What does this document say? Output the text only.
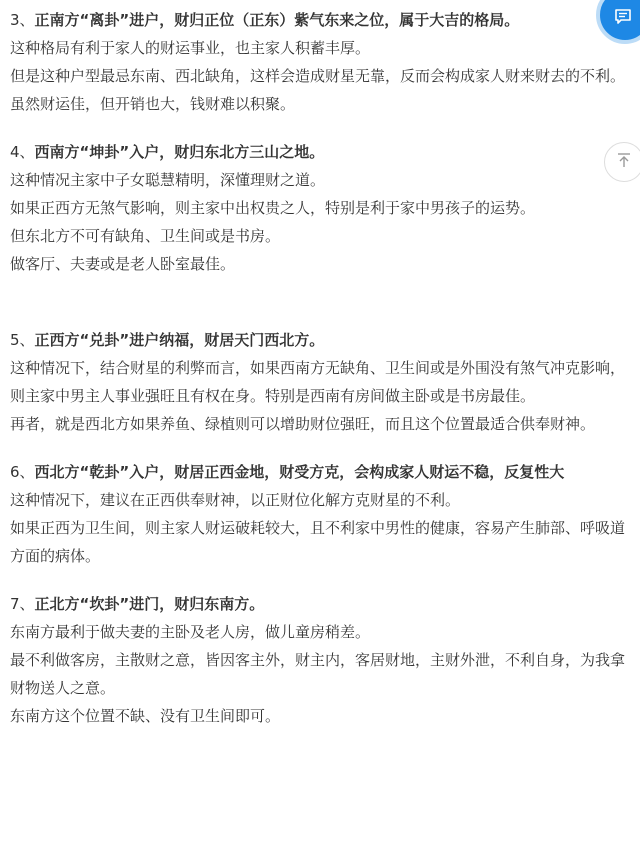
3、正南方“离卦”进户，财归正位（正东）紫气东来之位，属于大吉的格局。

这种格局有利于家人的财运事业，也主家人积蓄丰厚。

但是这种户型最忌东南、西北缺角，这样会造成财星无靠，反而会构成家人财来财去的不利。

虽然财运佳，但开销也大，钱财难以积聚。

4、西南方“坤卦”入户，财归东北方三山之地。

这种情况主家中子女聪慧精明，深懂理财之道。

如果正西方无煞气影响，则主家中出权贵之人，特别是利于家中男孩子的运势。

但东北方不可有缺角、卫生间或是书房。

做客厅、夫妻或是老人卧室最佳。

5、正西方“兑卦”进户纳福，财居天门西北方。

这种情况下，结合财星的利弊而言，如果西南方无缺角、卫生间或是外围没有煞气冲克影响，则主家中男主人事业强旺且有权在身。特别是西南有房间做主卧或是书房最佳。

再者，就是西北方如果养鱼、绿植则可以增助财位强旺，而且这个位置最适合供奉财神。

6、西北方“乾卦”入户，财居正西金地，财受方克，会构成家人财运不稳，反复性大

这种情况下，建议在正西供奉财神，以正财位化解方克财星的不利。

如果正西为卫生间，则主家人财运破耗较大，且不利家中男性的健康，容易产生肺部、呼吸道方面的病体。

7、正北方“坎卦”进门，财归东南方。

东南方最利于做夫妻的主卧及老人房，做儿童房稍差。

最不利做客房，主散财之意，皆因客主外，财主内，客居财地，主财外泄，不利自身，为我拿财物送人之意。

东南方这个位置不缺、没有卫生间即可。
